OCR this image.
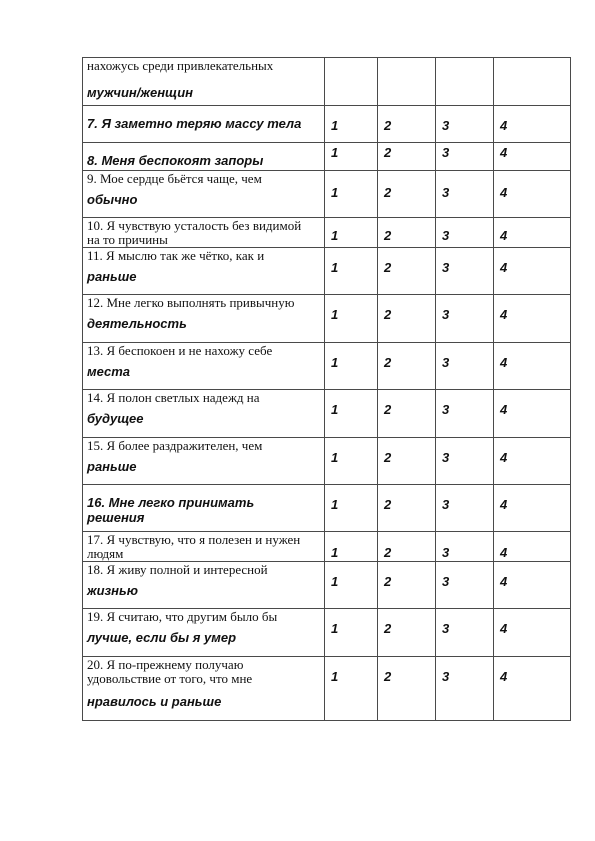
нахожусь среди привлекательных
мужчин/женщин				

7. Я заметно теряю массу тела	1	2	3	4

8. Меня беспокоят запоры	1	2	3	4

9. Мое сердце бьётся чаще, чем
обычно	1	2	3	4

10. Я чувствую усталость без видимой
на то причины	1	2	3	4

11. Я мыслю так же чётко, как и
раньше	1	2	3	4

12. Мне легко выполнять привычную
деятельность	1	2	3	4

13. Я беспокоен и не нахожу себе
места	1	2	3	4

14. Я полон светлых надежд на
будущее	1	2	3	4

15. Я более раздражителен, чем
раньше	1	2	3	4

16. Мне легко принимать
решения	1	2	3	4

17. Я чувствую, что я полезен и нужен
людям	1	2	3	4

18. Я живу полной и интересной
жизнью	1	2	3	4

19. Я считаю, что другим было бы
лучше, если бы я умер	1	2	3	4

20. Я по-прежнему получаю
удовольствие от того, что мне
нравилось и раньше	1	2	3	4
